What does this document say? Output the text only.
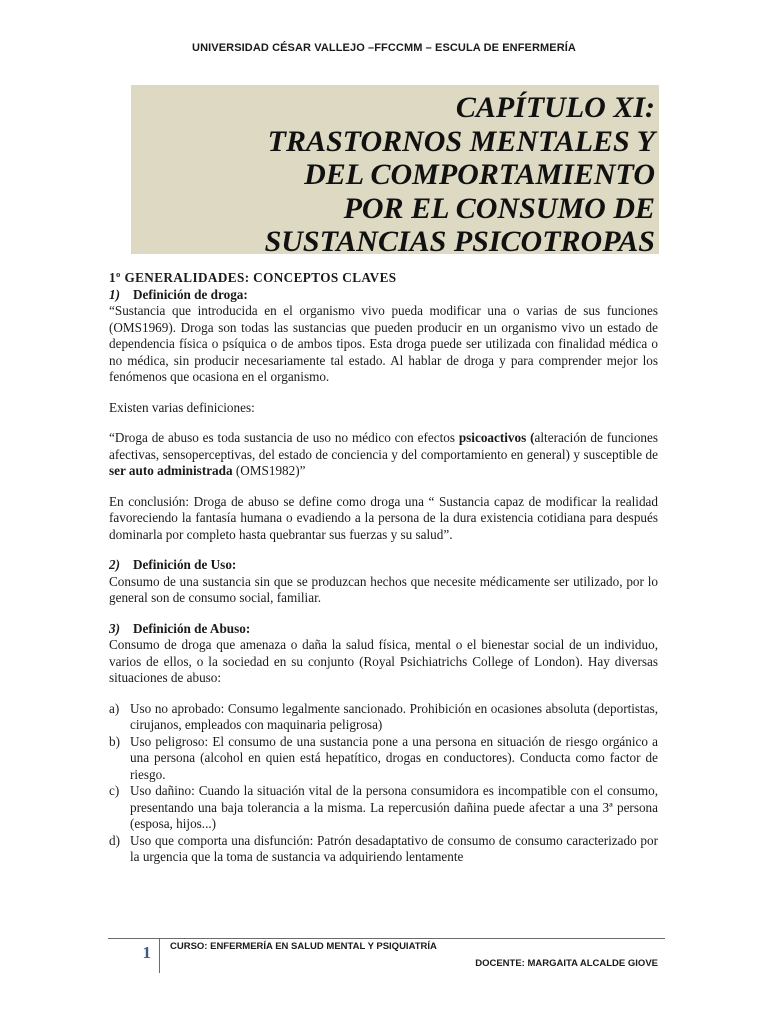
UNIVERSIDAD CÉSAR VALLEJO –FFCCMM – ESCULA DE ENFERMERÍA
CAPÍTULO XI:
TRASTORNOS MENTALES Y
DEL COMPORTAMIENTO
POR EL CONSUMO DE
SUSTANCIAS PSICOTROPAS

1º GENERALIDADES: CONCEPTOS CLAVES

1) Definición de droga:

“Sustancia que introducida en el organismo vivo pueda modificar una o varias de sus funciones (OMS1969). Droga son todas las sustancias que pueden producir en un organismo vivo un estado de dependencia física o psíquica o de ambos tipos. Esta droga puede ser utilizada con finalidad médica o no médica, sin producir necesariamente tal estado. Al hablar de droga y para comprender mejor los fenómenos que ocasiona en el organismo.

Existen varias definiciones:

“Droga de abuso es toda sustancia de uso no médico con efectos psicoactivos (alteración de funciones afectivas, sensoperceptivas, del estado de conciencia y del comportamiento en general) y susceptible de ser auto administrada (OMS1982)”

En conclusión: Droga de abuso se define como droga una “ Sustancia capaz de modificar la realidad favoreciendo la fantasía humana o evadiendo a la persona de la dura existencia cotidiana para después dominarla por completo hasta quebrantar sus fuerzas y su salud”.

2) Definición de Uso:

Consumo de una sustancia sin que se produzcan hechos que necesite médicamente ser utilizado, por lo general son de consumo social, familiar.

3) Definición de Abuso:

Consumo de droga que amenaza o daña la salud física, mental o el bienestar social de un individuo, varios de ellos, o la sociedad en su conjunto (Royal Psichiatrichs College of London). Hay diversas situaciones de abuso:

a) Uso no aprobado: Consumo legalmente sancionado. Prohibición en ocasiones absoluta (deportistas, cirujanos, empleados con maquinaria peligrosa)
b) Uso peligroso: El consumo de una sustancia pone a una persona en situación de riesgo orgánico a una persona (alcohol en quien está hepatítico, drogas en conductores). Conducta como factor de riesgo.
c) Uso dañino: Cuando la situación vital de la persona consumidora es incompatible con el consumo, presentando una baja tolerancia a la misma. La repercusión dañina puede afectar a una 3ª persona (esposa, hijos...)
d) Uso que comporta una disfunción: Patrón desadaptativo de consumo de consumo caracterizado por la urgencia que la toma de sustancia va adquiriendo lentamente
1	CURSO: ENFERMERÍA EN SALUD MENTAL Y PSIQUIATRÍA
DOCENTE: MARGAITA ALCALDE GIOVE
